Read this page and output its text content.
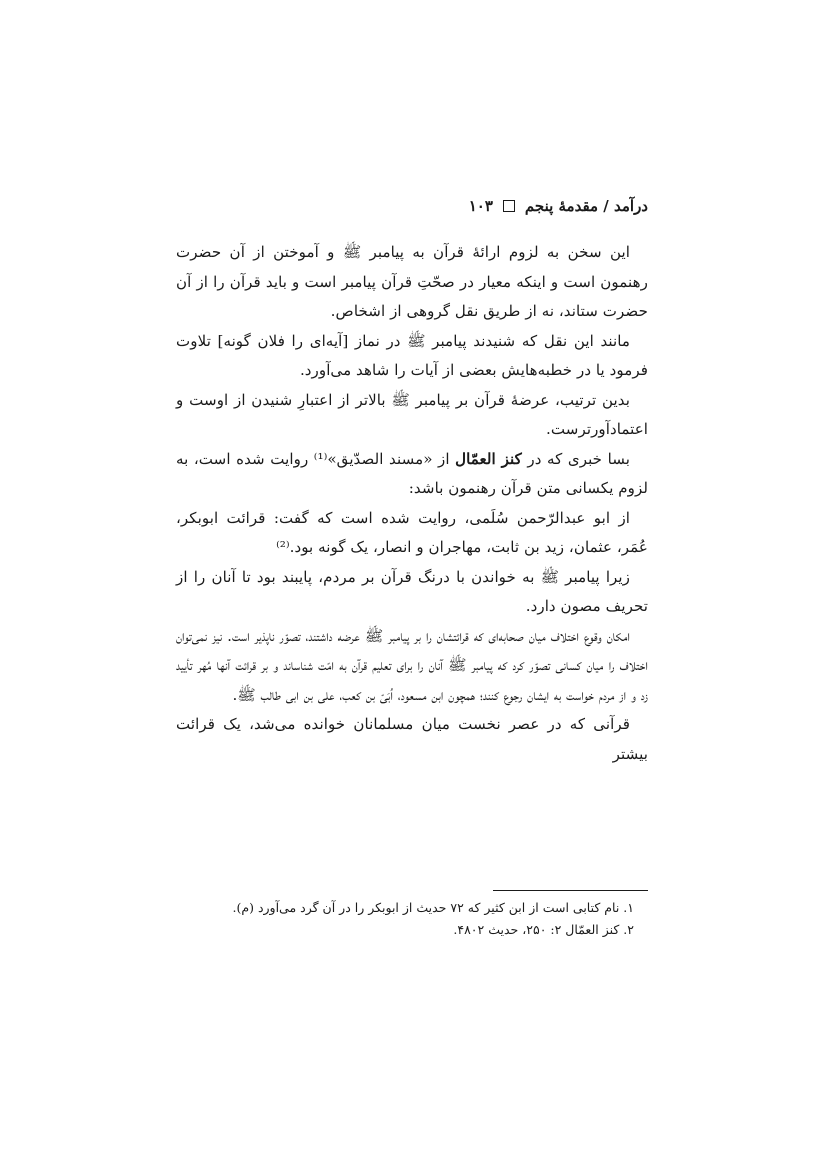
درآمد / مقدمهٔ پنجم
۱۰۳

این سخن به لزوم ارائهٔ قرآن به پیامبر ﷺ و آموختن از آن حضرت رهنمون است و اینکه معیار در صحّتِ قرآن پیامبر است و باید قرآن را از آن حضرت ستاند، نه از طریق نقل گروهی از اشخاص.

مانند این نقل که شنیدند پیامبر ﷺ در نماز [آیه‌ای را فلان گونه] تلاوت فرمود یا در خطبه‌هایش بعضی از آیات را شاهد می‌آورد.

بدین ترتیب، عرضهٔ قرآن بر پیامبر ﷺ بالاتر از اعتبارِ شنیدن از اوست و اعتمادآورترست.

بسا خبری که در کنز العمّال از «مسند الصدّیق»⁽¹⁾ روایت شده است، به لزوم یکسانی متن قرآن رهنمون باشد:

از ابو عبدالرّحمن سُلَمی، روایت شده است که گفت: قرائت ابوبکر، عُمَر، عثمان، زید بن ثابت، مهاجران و انصار، یک گونه بود.⁽²⁾

زیرا پیامبر ﷺ به خواندن با درنگ قرآن بر مردم، پایبند بود تا آنان را از تحریف مصون دارد.

امکان وقوع اختلاف میان صحابه‌ای که قرائتشان را بر پیامبر ﷺ عرضه داشتند، تصوّر ناپذیر است. نیز نمی‌توان اختلاف را میان کسانی تصوّر کرد که پیامبر ﷺ آنان را برای تعلیم قرآن به امّت شناساند و بر قرائت آنها مُهر تأیید زد و از مردم خواست به ایشان رجوع کنند؛ همچون ابن مسعود، اُبَیّ بن کعب، علی بن ابی طالب ﷺ.

قرآنی که در عصر نخست میان مسلمانان خوانده می‌شد، یک قرائت بیشتر

۱. نام کتابی است از ابن کثیر که ۷۲ حدیث از ابوبکر را در آن گرد می‌آورد (م).

۲. کنز العمّال ۲: ۲۵۰، حدیث ۴۸۰۲.
